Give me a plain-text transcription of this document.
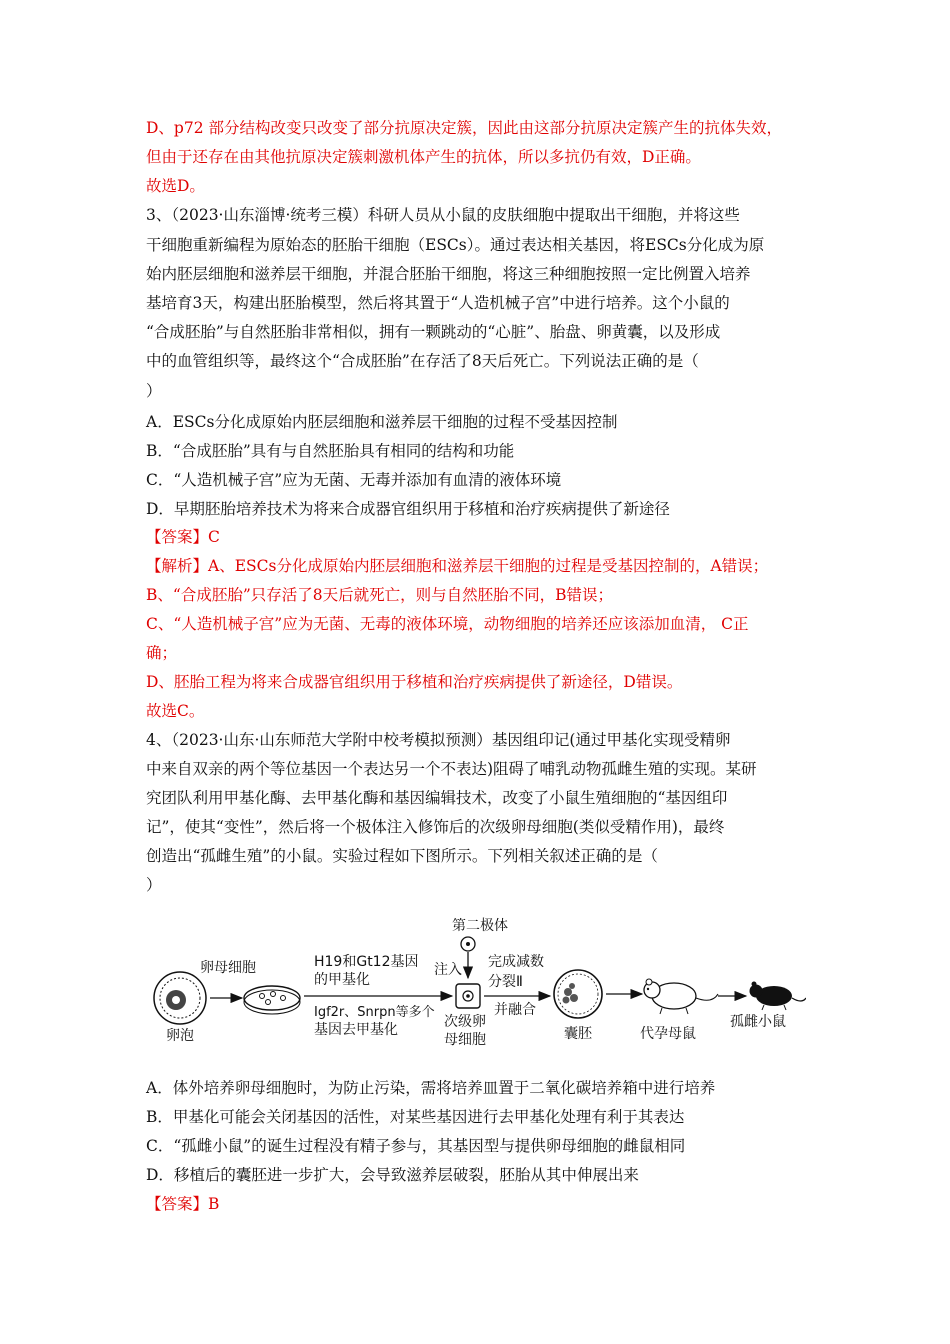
D、p72 部分结构改变只改变了部分抗原决定簇，因此由这部分抗原决定簇产生的抗体失效，
但由于还存在由其他抗原决定簇刺激机体产生的抗体，所以多抗仍有效，D正确。
故选D。
3、（2023·山东淄博·统考三模）科研人员从小鼠的皮肤细胞中提取出干细胞，并将这些
干细胞重新编程为原始态的胚胎干细胞（ESCs）。通过表达相关基因，将ESCs分化成为原
始内胚层细胞和滋养层干细胞，并混合胚胎干细胞，将这三种细胞按照一定比例置入培养
基培育3天，构建出胚胎模型，然后将其置于“人造机械子宫”中进行培养。这个小鼠的
“合成胚胎”与自然胚胎非常相似，拥有一颗跳动的“心脏”、胎盘、卵黄囊，以及形成
中的血管组织等，最终这个“合成胚胎”在存活了8天后死亡。下列说法正确的是（
）
A．ESCs分化成原始内胚层细胞和滋养层干细胞的过程不受基因控制
B．“合成胚胎”具有与自然胚胎具有相同的结构和功能
C．“人造机械子宫”应为无菌、无毒并添加有血清的液体环境
D．早期胚胎培养技术为将来合成器官组织用于移植和治疗疾病提供了新途径
【答案】C
【解析】A、ESCs分化成原始内胚层细胞和滋养层干细胞的过程是受基因控制的，A错误；
B、“合成胚胎”只存活了8天后就死亡，则与自然胚胎不同，B错误；
C、“人造机械子宫”应为无菌、无毒的液体环境，动物细胞的培养还应该添加血清， C正
确；
D、胚胎工程为将来合成器官组织用于移植和治疗疾病提供了新途径，D错误。
故选C。
4、（2023·山东·山东师范大学附中校考模拟预测）基因组印记(通过甲基化实现受精卵
中来自双亲的两个等位基因一个表达另一个不表达)阻碍了哺乳动物孤雌生殖的实现。某研
究团队利用甲基化酶、去甲基化酶和基因编辑技术，改变了小鼠生殖细胞的“基因组印
记”，使其“变性”，然后将一个极体注入修饰后的次级卵母细胞(类似受精作用)，最终
创造出“孤雌生殖”的小鼠。实验过程如下图所示。下列相关叙述正确的是（
）
卵泡
卵母细胞	H19和Gt12基因
的甲基化
Igf2r、Snrpn等多个
基因去甲基化
第二极体
注入
次级卵
母细胞
完成减数
分裂Ⅱ
并融合
囊胚	代孕母鼠
孤雌小鼠
A．体外培养卵母细胞时，为防止污染，需将培养皿置于二氧化碳培养箱中进行培养
B．甲基化可能会关闭基因的活性，对某些基因进行去甲基化处理有利于其表达
C．“孤雌小鼠”的诞生过程没有精子参与，其基因型与提供卵母细胞的雌鼠相同
D．移植后的囊胚进一步扩大，会导致滋养层破裂，胚胎从其中伸展出来
【答案】B
